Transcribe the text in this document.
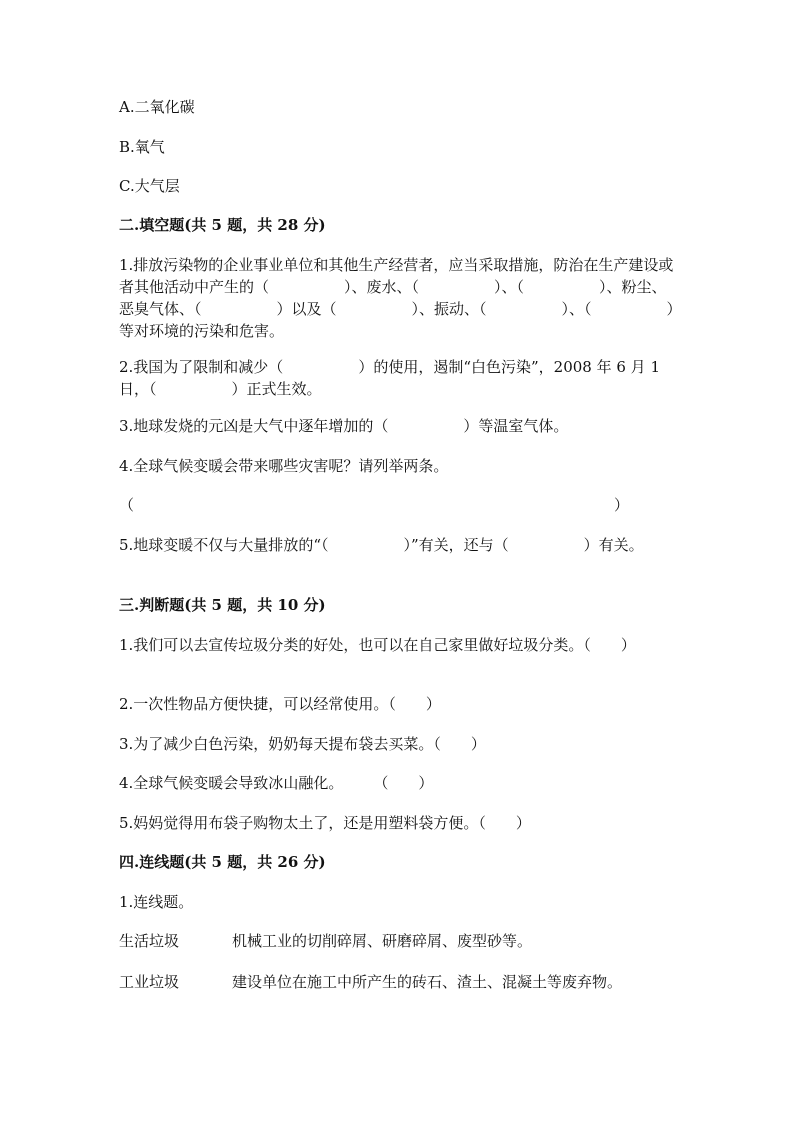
A.二氧化碳
B.氧气
C.大气层
二.填空题(共 5 题，共 28 分)
1.排放污染物的企业事业单位和其他生产经营者，应当采取措施，防治在生产建设或者其他活动中产生的（　　　　　）、废水、（　　　　　）、（　　　　　）、粉尘、恶臭气体、（　　　　　）以及（　　　　　）、振动、（　　　　　）、（　　　　　）等对环境的污染和危害。
2.我国为了限制和减少（　　　　　）的使用，遏制“白色污染”，2008 年 6 月 1 日，（　　　　　）正式生效。
3.地球发烧的元凶是大气中逐年增加的（　　　　　）等温室气体。
4.全球气候变暖会带来哪些灾害呢？请列举两条。
（　　　　　　　　　　　　　　　　　　　　　　　　　　　　　　　　）
5.地球变暖不仅与大量排放的“（　　　　　）”有关，还与（　　　　　）有关。
三.判断题(共 5 题，共 10 分)
1.我们可以去宣传垃圾分类的好处，也可以在自己家里做好垃圾分类。（　　）
2.一次性物品方便快捷，可以经常使用。（　　）
3.为了减少白色污染，奶奶每天提布袋去买菜。（　　）
4.全球气候变暖会导致冰山融化。　　　（　　）
5.妈妈觉得用布袋子购物太土了，还是用塑料袋方便。（　　）
四.连线题(共 5 题，共 26 分)
1.连线题。
生活垃圾	机械工业的切削碎屑、研磨碎屑、废型砂等。
工业垃圾	建设单位在施工中所产生的砖石、渣土、混凝土等废弃物。
